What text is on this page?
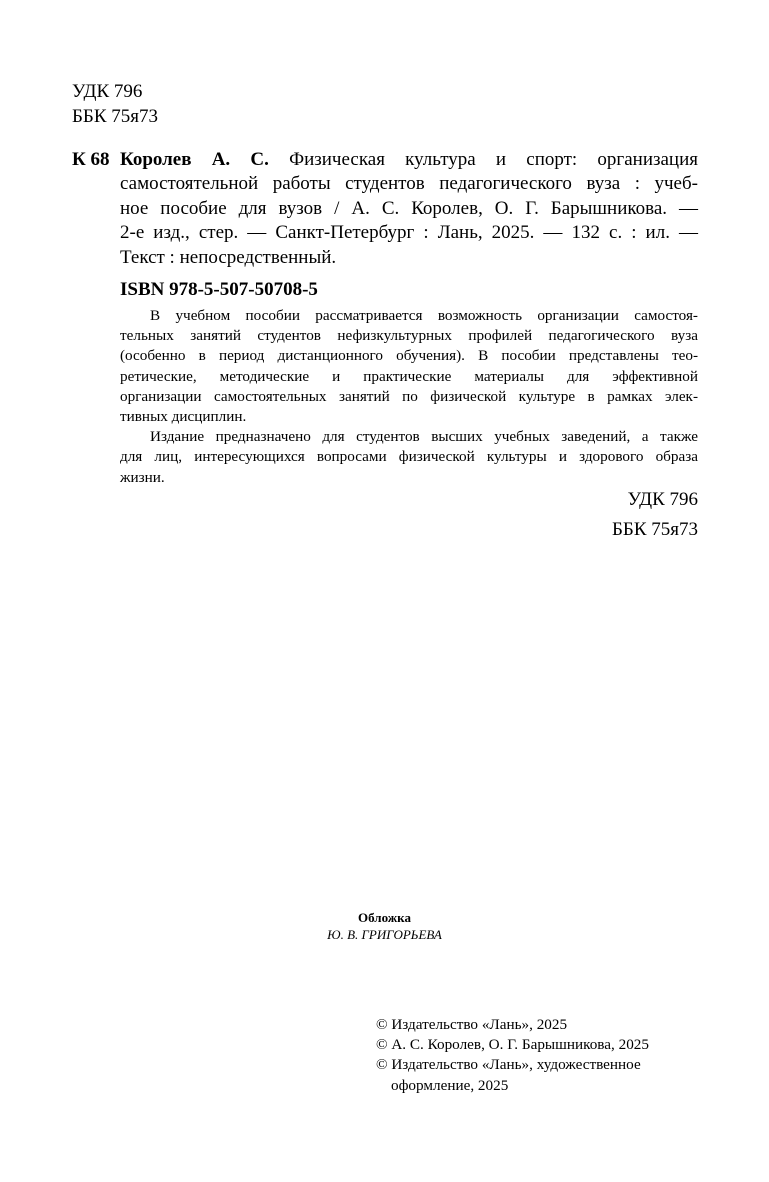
УДК 796
ББК 75я73
К 68 Королев А. С. Физическая культура и спорт: организация
самостоятельной работы студентов педагогического вуза : учеб-
ное пособие для вузов / А. С. Королев, О. Г. Барышникова. —
2-е изд., стер. — Санкт-Петербург : Лань, 2025. — 132 с. : ил. —
Текст : непосредственный.
ISBN 978-5-507-50708-5
В учебном пособии рассматривается возможность организации самостоя-
тельных занятий студентов нефизкультурных профилей педагогического вуза
(особенно в период дистанционного обучения). В пособии представлены тео-
ретические, методические и практические материалы для эффективной
организации самостоятельных занятий по физической культуре в рамках элек-
тивных дисциплин.
Издание предназначено для студентов высших учебных заведений, а также
для лиц, интересующихся вопросами физической культуры и здорового образа
жизни.
УДК 796
ББК 75я73
Обложка
Ю. В. ГРИГОРЬЕВА
© Издательство «Лань», 2025
© А. С. Королев, О. Г. Барышникова, 2025
© Издательство «Лань», художественное
оформление, 2025
